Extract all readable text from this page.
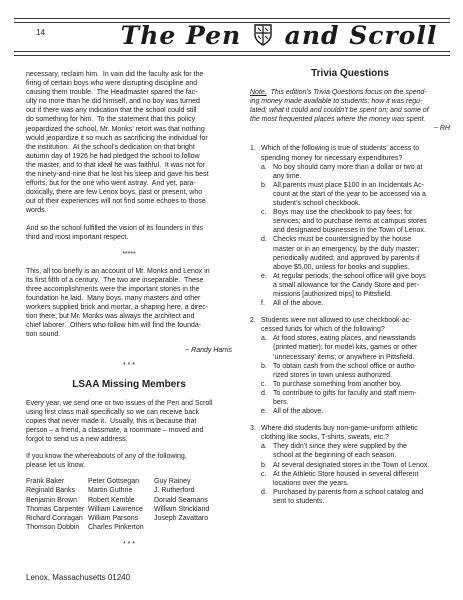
14	The Pen and Scroll

necessary, reclaim him.  In vain did the faculty ask for the
firing of certain boys who were disrupting discipline and
causing them trouble.  The Headmaster spared the fac-
ulty no more than he did himself, and no boy was turned
out if there was any indication that the school could still
do something for him.  To the statement that this policy
jeopardized the school, Mr. Monks’ retort was that nothing
would jeopardize it so much as sacrificing the individual for
the institution.  At the school’s dedication on that bright
autumn day of 1926 he had pledged the school to follow
the master, and to that ideal he was faithful.  It was not for
the ninety-and-nine that he lost his sleep and gave his best
efforts, but for the one who went astray.  And yet, para-
doxically, there are few Lenox boys, past or present, who
out of their experiences will not find some echoes to those
words.

And so the school fulfilled the vision of its founders in this
third and most important respect.

*****

This, all too briefly is an account of Mr. Monks and Lenox in
its first fifth of a century.  The two are inseparable.  These
three accomplishments were the important stones in the
foundation he laid.  Many boys, many masters and other
workers supplied brick and mortar, a shaping here, a direc-
tion there; but Mr. Monks was always the architect and
chief laborer.  Others who follow him will find the founda-
tion sound.

~ Randy Harris

* * *

LSAA Missing Members

Every year, we send one or two issues of the Pen and Scroll
using first class mail specifically so we can receive back
copies that never made it.  Usually, this is because that
person – a friend, a classmate, a roommate – moved and
forgot to send us a new address.

If you know the whereabouts of any of the following,
please let us know.

Frank Baker
Reginald Banks
Benjamin Brown
Thomas Carpenter
Richard Conragan
Thomson Dobbin
Peter Gottsegan
Martin Guthrie
Robert Kemble
William Lawrence
William Parsons
Charles Pinkerton
Guy Rainey
J. Rutherford
Donald Seamans
William Strickland
Joseph Zavattaro

* * *

Trivia Questions

Note.  This edition’s Trivia Questions focus on the spend-
ing money made available to students; how it was regu-
lated; what it could and couldn’t be spent on; and some of
the most frequented places where the money was spent.

~ RH

1. Which of the following is true of students’ access to
spending money for necessary expenditures?
a. No boy should carry more than a dollar or two at
any time.
b. All parents must place $100 in an Incidentals Ac-
count at the start of the year to be accessed via a
student’s school checkbook.
c. Boys may use the checkbook to pay fees; for
services; and to purchase items at campus stores
and designated businesses in the Town of Lenox.
d. Checks must be countersigned by the house
master or in an emergency, by the duty master;
periodically audited; and approved by parents if
above $5.00, unless for books and supplies.
e. At regular periods, the school office will give boys
a small allowance for the Candy Store and per-
missions [authorized trips] to Pittsfield.
f.	All of the above.
2. Students were not allowed to use checkbook-ac-
cessed funds for which of the following?
a. At food stores, eating places, and newsstands
(printed matter); for model kits, games or other
‘unnecessary’ items; or anywhere in Pittsfield.
b. To obtain cash from the school office or autho-
rized stores in town unless authorized.
c. To purchase something from another boy.
d. To contribute to gifts for faculty and staff mem-
bers.
e. All of the above.
3. Where did students buy non-game-uniform athletic
clothing like socks, T-shirts, sweats, etc.?
a. They didn’t since they were supplied by the
school at the beginning of each season.
b. At several designated stores in the Town of Lenox.
c. At the Athletic Store housed in several different
locations over the years.
d. Purchased by parents from a school catalog and
sent to students.
Lenox, Massachusetts 01240
